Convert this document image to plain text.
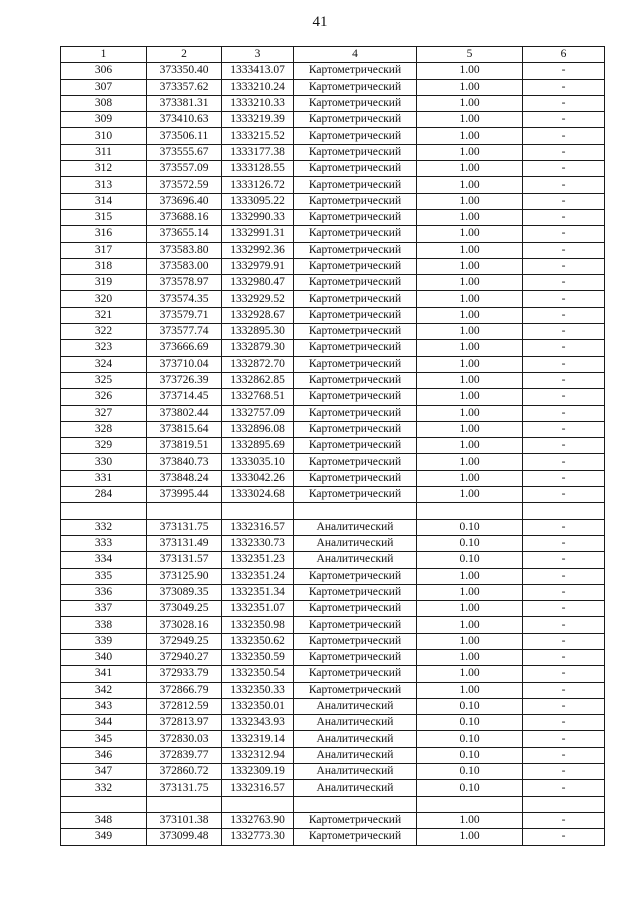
41
1	2	3	4	5	6
306	373350.40	1333413.07	Картометрический	1.00	-
307	373357.62	1333210.24	Картометрический	1.00	-
308	373381.31	1333210.33	Картометрический	1.00	-
309	373410.63	1333219.39	Картометрический	1.00	-
310	373506.11	1333215.52	Картометрический	1.00	-
311	373555.67	1333177.38	Картометрический	1.00	-
312	373557.09	1333128.55	Картометрический	1.00	-
313	373572.59	1333126.72	Картометрический	1.00	-
314	373696.40	1333095.22	Картометрический	1.00	-
315	373688.16	1332990.33	Картометрический	1.00	-
316	373655.14	1332991.31	Картометрический	1.00	-
317	373583.80	1332992.36	Картометрический	1.00	-
318	373583.00	1332979.91	Картометрический	1.00	-
319	373578.97	1332980.47	Картометрический	1.00	-
320	373574.35	1332929.52	Картометрический	1.00	-
321	373579.71	1332928.67	Картометрический	1.00	-
322	373577.74	1332895.30	Картометрический	1.00	-
323	373666.69	1332879.30	Картометрический	1.00	-
324	373710.04	1332872.70	Картометрический	1.00	-
325	373726.39	1332862.85	Картометрический	1.00	-
326	373714.45	1332768.51	Картометрический	1.00	-
327	373802.44	1332757.09	Картометрический	1.00	-
328	373815.64	1332896.08	Картометрический	1.00	-
329	373819.51	1332895.69	Картометрический	1.00	-
330	373840.73	1333035.10	Картометрический	1.00	-
331	373848.24	1333042.26	Картометрический	1.00	-
284	373995.44	1333024.68	Картометрический	1.00	-

332	373131.75	1332316.57	Аналитический	0.10	-
333	373131.49	1332330.73	Аналитический	0.10	-
334	373131.57	1332351.23	Аналитический	0.10	-
335	373125.90	1332351.24	Картометрический	1.00	-
336	373089.35	1332351.34	Картометрический	1.00	-
337	373049.25	1332351.07	Картометрический	1.00	-
338	373028.16	1332350.98	Картометрический	1.00	-
339	372949.25	1332350.62	Картометрический	1.00	-
340	372940.27	1332350.59	Картометрический	1.00	-
341	372933.79	1332350.54	Картометрический	1.00	-
342	372866.79	1332350.33	Картометрический	1.00	-
343	372812.59	1332350.01	Аналитический	0.10	-
344	372813.97	1332343.93	Аналитический	0.10	-
345	372830.03	1332319.14	Аналитический	0.10	-
346	372839.77	1332312.94	Аналитический	0.10	-
347	372860.72	1332309.19	Аналитический	0.10	-
332	373131.75	1332316.57	Аналитический	0.10	-

348	373101.38	1332763.90	Картометрический	1.00	-
349	373099.48	1332773.30	Картометрический	1.00	-
